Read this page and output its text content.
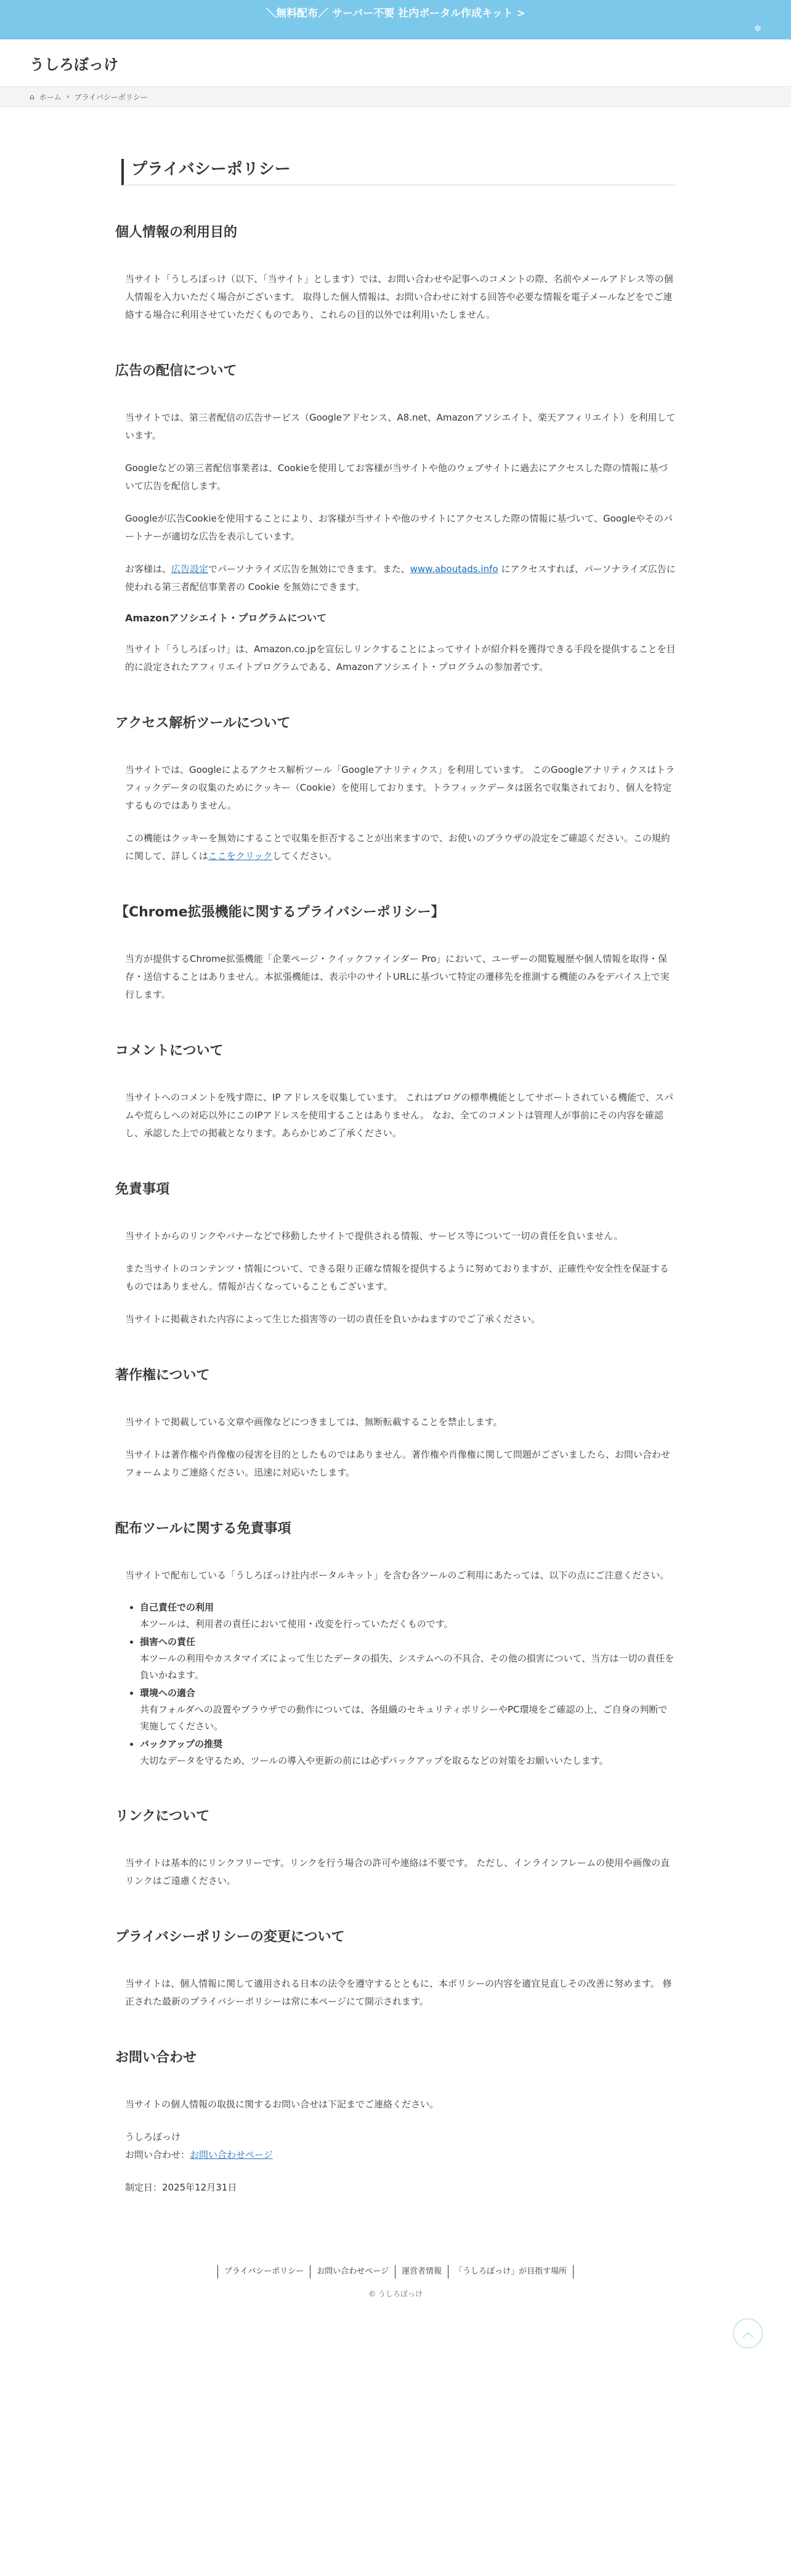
＼無料配布／ サーバー不要 社内ポータル作成キット >
✲
うしろぼっけ
⌂ ホーム › プライバシーポリシー
プライバシーポリシー
個人情報の利用目的

当サイト「うしろぼっけ（以下、「当サイト」とします）では、お問い合わせや記事へのコメントの際、名前やメールアドレス等の個人情報を入力いただく場合がございます。 取得した個人情報は、お問い合わせに対する回答や必要な情報を電子メールなどをでご連絡する場合に利用させていただくものであり、これらの目的以外では利用いたしません。

広告の配信について

当サイトでは、第三者配信の広告サービス（Googleアドセンス、A8.net、Amazonアソシエイト、楽天アフィリエイト）を利用しています。

Googleなどの第三者配信事業者は、Cookieを使用してお客様が当サイトや他のウェブサイトに過去にアクセスした際の情報に基づいて広告を配信します。

Googleが広告Cookieを使用することにより、お客様が当サイトや他のサイトにアクセスした際の情報に基づいて、Googleやそのパートナーが適切な広告を表示しています。

お客様は、広告設定でパーソナライズ広告を無効にできます。また、www.aboutads.info にアクセスすれば、パーソナライズ広告に使われる第三者配信事業者の Cookie を無効にできます。

Amazonアソシエイト・プログラムについて

当サイト「うしろぼっけ」は、Amazon.co.jpを宣伝しリンクすることによってサイトが紹介料を獲得できる手段を提供することを目的に設定されたアフィリエイトプログラムである、Amazonアソシエイト・プログラムの参加者です。

アクセス解析ツールについて

当サイトでは、Googleによるアクセス解析ツール「Googleアナリティクス」を利用しています。 このGoogleアナリティクスはトラフィックデータの収集のためにクッキー（Cookie）を使用しております。トラフィックデータは匿名で収集されており、個人を特定するものではありません。

この機能はクッキーを無効にすることで収集を拒否することが出来ますので、お使いのブラウザの設定をご確認ください。この規約に関して、詳しくはここをクリックしてください。

【Chrome拡張機能に関するプライバシーポリシー】

当方が提供するChrome拡張機能「企業ページ・クイックファインダー Pro」において、ユーザーの閲覧履歴や個人情報を取得・保存・送信することはありません。本拡張機能は、表示中のサイトURLに基づいて特定の遷移先を推測する機能のみをデバイス上で実行します。

コメントについて

当サイトへのコメントを残す際に、IP アドレスを収集しています。 これはブログの標準機能としてサポートされている機能で、スパムや荒らしへの対応以外にこのIPアドレスを使用することはありません。 なお、全てのコメントは管理人が事前にその内容を確認し、承認した上での掲載となります。あらかじめご了承ください。

免責事項

当サイトからのリンクやバナーなどで移動したサイトで提供される情報、サービス等について一切の責任を負いません。

また当サイトのコンテンツ・情報について、できる限り正確な情報を提供するように努めておりますが、正確性や安全性を保証するものではありません。情報が古くなっていることもございます。

当サイトに掲載された内容によって生じた損害等の一切の責任を負いかねますのでご了承ください。

著作権について

当サイトで掲載している文章や画像などにつきましては、無断転載することを禁止します。

当サイトは著作権や肖像権の侵害を目的としたものではありません。著作権や肖像権に関して問題がございましたら、お問い合わせフォームよりご連絡ください。迅速に対応いたします。

配布ツールに関する免責事項

当サイトで配布している「うしろぼっけ社内ポータルキット」を含む各ツールのご利用にあたっては、以下の点にご注意ください。

• 自己責任での利用
本ツールは、利用者の責任において使用・改変を行っていただくものです。
• 損害への責任
本ツールの利用やカスタマイズによって生じたデータの損失、システムへの不具合、その他の損害について、当方は一切の責任を負いかねます。
• 環境への適合
共有フォルダへの設置やブラウザでの動作については、各組織のセキュリティポリシーやPC環境をご確認の上、ご自身の判断で実施してください。
• バックアップの推奨
大切なデータを守るため、ツールの導入や更新の前には必ずバックアップを取るなどの対策をお願いいたします。
リンクについて

当サイトは基本的にリンクフリーです。リンクを行う場合の許可や連絡は不要です。 ただし、インラインフレームの使用や画像の直リンクはご遠慮ください。

プライバシーポリシーの変更について

当サイトは、個人情報に関して適用される日本の法令を遵守するとともに、本ポリシーの内容を適宜見直しその改善に努めます。 修正された最新のプライバシーポリシーは常に本ページにて開示されます。

お問い合わせ

当サイトの個人情報の取扱に関するお問い合せは下記までご連絡ください。

うしろぼっけ
お問い合わせ：お問い合わせページ

制定日：2025年12月31日

プライバシーポリシー	お問い合わせページ	運営者情報	「うしろぼっけ」が目指す場所
© うしろぼっけ
︿
